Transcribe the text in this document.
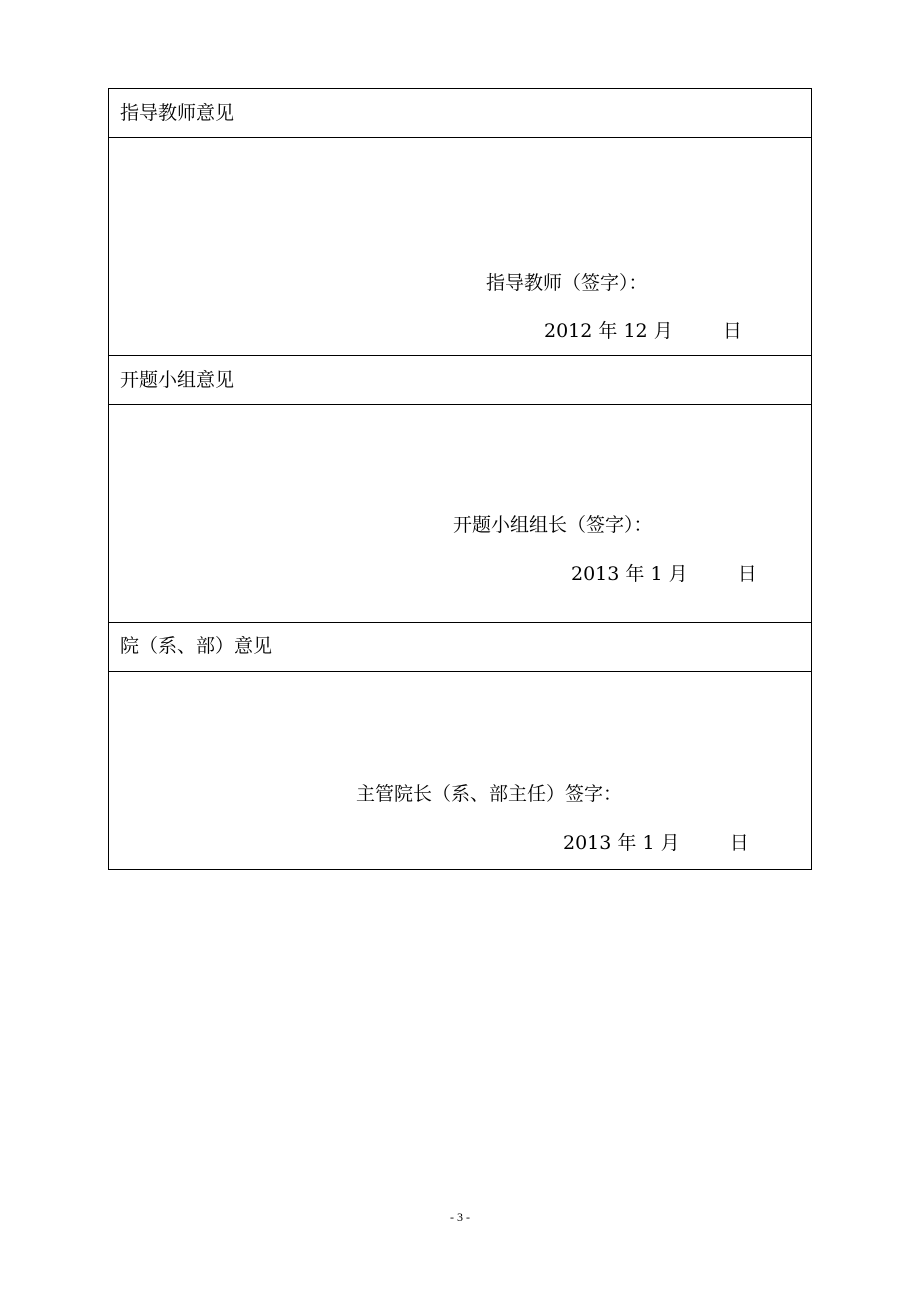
指导教师意见
指导教师（签字）：
2012 年 12 月	日
开题小组意见
开题小组组长（签字）：
2013 年 1 月	日
院（系、部）意见
主管院长（系、部主任）签字：
2013 年 1 月	日
- 3 -
